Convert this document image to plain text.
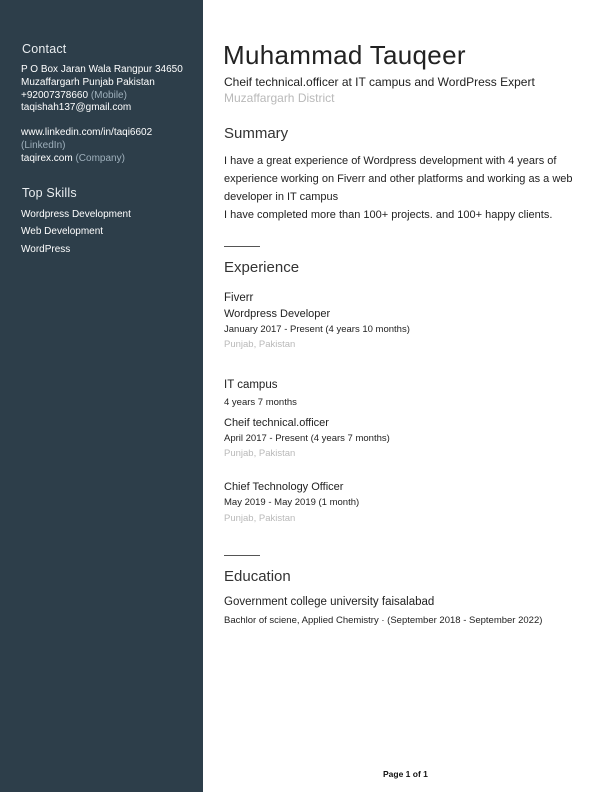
Contact
P O Box Jaran Wala Rangpur 34650
Muzaffargarh Punjab Pakistan
+92007378660 (Mobile)
taqishah137@gmail.com
www.linkedin.com/in/taqi6602
(LinkedIn)
taqirex.com (Company)
Top Skills
Wordpress Development
Web Development
WordPress
Muhammad Tauqeer
Cheif technical.officer at IT campus and WordPress Expert
Muzaffargarh District
Summary

I have a great experience of Wordpress development with 4 years of experience working on Fiverr and other platforms and working as a web developer in IT campus

I have completed more than 100+ projects. and 100+ happy clients.

Experience
Fiverr
Wordpress Developer
January 2017 - Present (4 years 10 months)
Punjab, Pakistan
IT campus
4 years 7 months
Cheif technical.officer
April 2017 - Present (4 years 7 months)
Punjab, Pakistan
Chief Technology Officer
May 2019 - May 2019 (1 month)
Punjab, Pakistan
Education
Government college university faisalabad
Bachlor of sciene, Applied Chemistry · (September 2018 - September 2022)
Page 1 of 1
